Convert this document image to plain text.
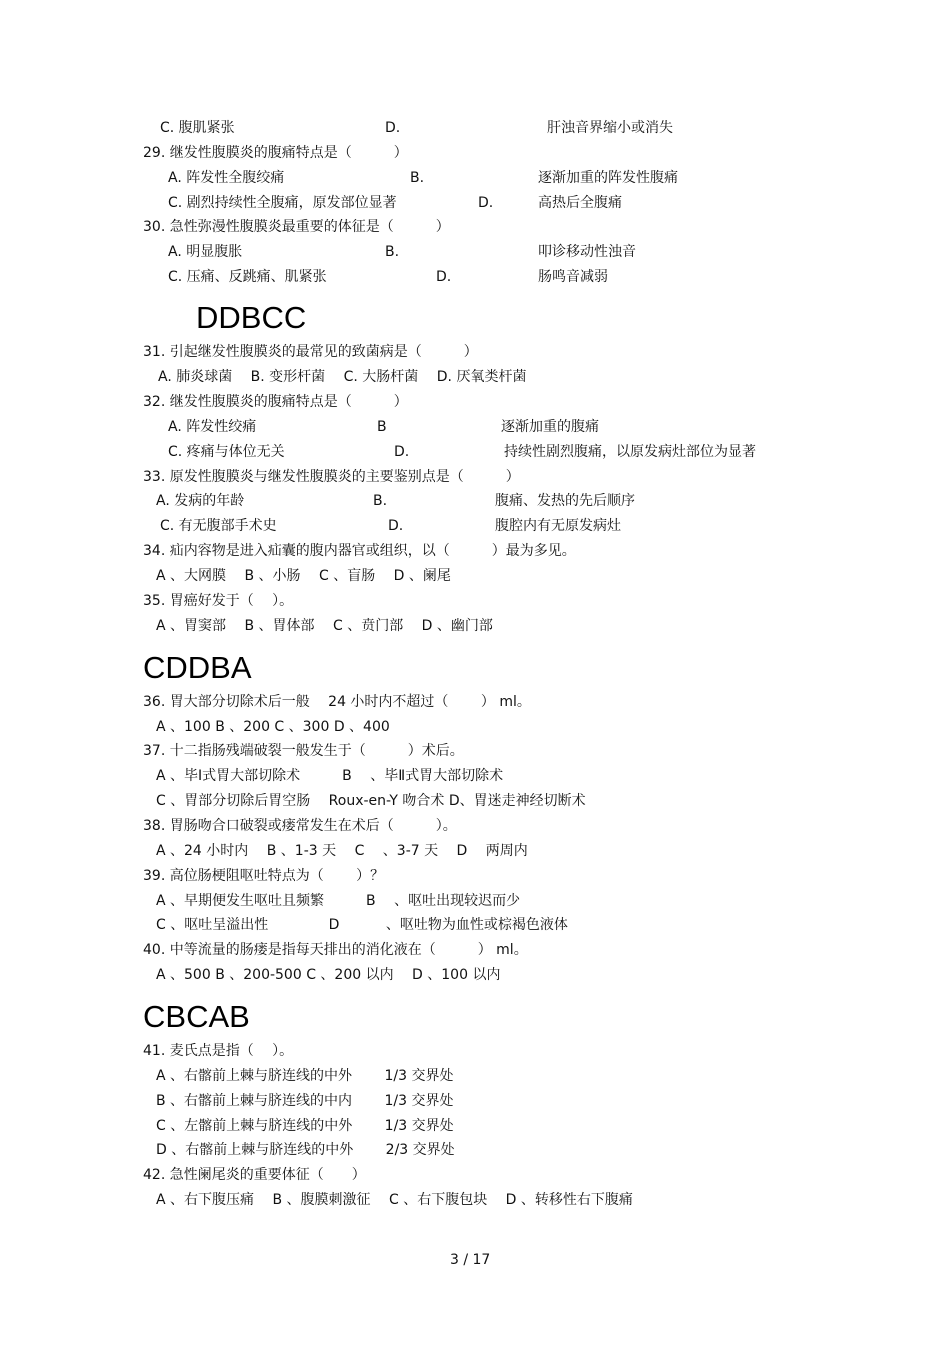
C. 腹肌紧张	D.	肝浊音界缩小或消失
29. 继发性腹膜炎的腹痛特点是（　　　）
A. 阵发性全腹绞痛	B.	逐渐加重的阵发性腹痛
C. 剧烈持续性全腹痛，原发部位显著	D.	高热后全腹痛
30. 急性弥漫性腹膜炎最重要的体征是（　　　）
A. 明显腹胀	B.	叩诊移动性浊音
C. 压痛、反跳痛、肌紧张	D.	肠鸣音减弱
DDBCC
31. 引起继发性腹膜炎的最常见的致菌病是（　　　）
A. 肺炎球菌　 B. 变形杆菌　 C. 大肠杆菌　 D. 厌氧类杆菌
32. 继发性腹膜炎的腹痛特点是（　　　）
A. 阵发性绞痛	B	逐渐加重的腹痛
C. 疼痛与体位无关	D.	持续性剧烈腹痛，以原发病灶部位为显著
33. 原发性腹膜炎与继发性腹膜炎的主要鉴别点是（　　　）
A. 发病的年龄	B.	腹痛、发热的先后顺序
C. 有无腹部手术史	D.	腹腔内有无原发病灶
34. 疝内容物是进入疝囊的腹内器官或组织，以（　　　）最为多见。
A 、大网膜　 B 、小肠　 C 、盲肠　 D 、阑尾
35. 胃癌好发于（　 ）。
A 、胃窦部　 B 、胃体部　 C 、贲门部　 D 、幽门部
CDDBA
36. 胃大部分切除术后一般　 24 小时内不超过（　　 ） ml。
A 、100 B 、200 C 、300 D 、400
37. 十二指肠残端破裂一般发生于（　　　）术后。
A 、毕Ⅰ式胃大部切除术　　　B　 、毕Ⅱ式胃大部切除术
C 、胃部分切除后胃空肠　 Roux-en-Y 吻合术 D、胃迷走神经切断术
38. 胃肠吻合口破裂或瘘常发生在术后（　　　）。
A 、24 小时内　 B 、1-3 天　 C　 、3-7 天　 D　 两周内
39. 高位肠梗阻呕吐特点为（　　 ）？
A 、早期便发生呕吐且频繁　　　B　 、呕吐出现较迟而少
C 、呕吐呈溢出性　　　　 D　　　 、呕吐物为血性或棕褐色液体
40. 中等流量的肠瘘是指每天排出的消化液在（　　　） ml。
A 、500 B 、200-500 C 、200 以内　 D 、100 以内
CBCAB
41. 麦氏点是指（　 ）。
A 、右髂前上棘与脐连线的中外　　 1/3 交界处
B 、右髂前上棘与脐连线的中内　　 1/3 交界处
C 、左髂前上棘与脐连线的中外　　 1/3 交界处
D 、右髂前上棘与脐连线的中外　　 2/3 交界处
42. 急性阑尾炎的重要体征（　　）
A 、右下腹压痛　 B 、腹膜刺激征　 C 、右下腹包块　 D 、转移性右下腹痛
3 / 17
